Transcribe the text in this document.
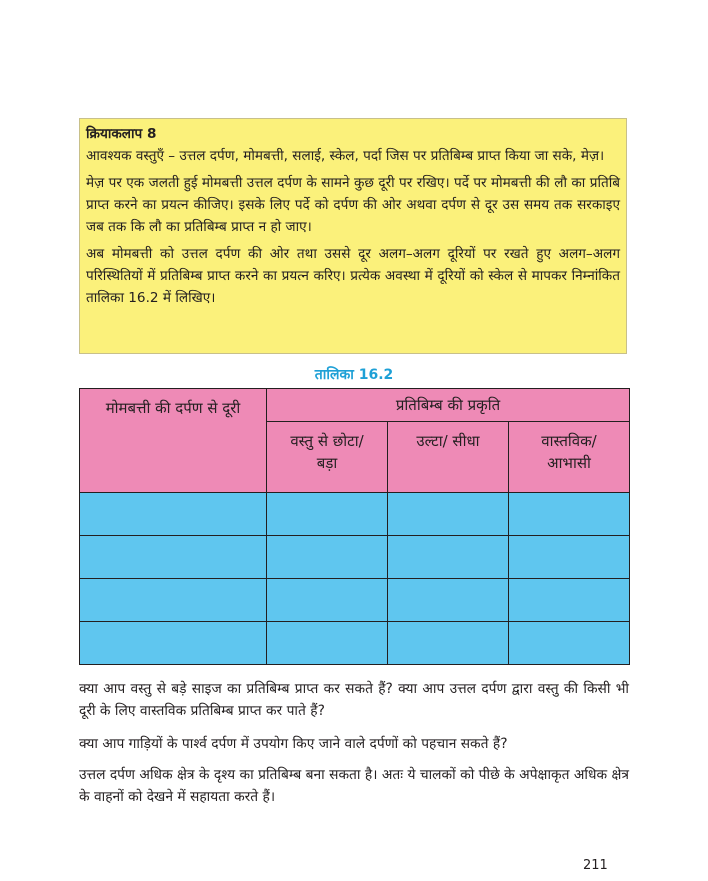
क्रियाकलाप 8

आवश्यक वस्तुएँ – उत्तल दर्पण, मोमबत्ती, सलाई, स्केल, पर्दा जिस पर प्रतिबिम्ब प्राप्त किया जा सके, मेज़।

मेज़ पर एक जलती हुई मोमबत्ती उत्तल दर्पण के सामने कुछ दूरी पर रखिए। पर्दे पर मोमबत्ती की लौ का प्रतिबि प्राप्त करने का प्रयत्न कीजिए। इसके लिए पर्दे को दर्पण की ओर अथवा दर्पण से दूर उस समय तक सरकाइए जब तक कि लौ का प्रतिबिम्ब प्राप्त न हो जाए।

अब मोमबत्ती को उत्तल दर्पण की ओर तथा उससे दूर अलग–अलग दूरियों पर रखते हुए अलग–अलग परिस्थितियों में प्रतिबिम्ब प्राप्त करने का प्रयत्न करिए। प्रत्येक अवस्था में दूरियों को स्केल से मापकर निम्नांकित तालिका 16.2 में लिखिए।

तालिका 16.2
मोमबत्ती की दर्पण से दूरी	प्रतिबिम्ब की प्रकृति		
	वस्तु से छोटा/बड़ा	उल्टा/ सीधा	वास्तविक/ आभासी

क्या आप वस्तु से बड़े साइज का प्रतिबिम्ब प्राप्त कर सकते हैं? क्या आप उत्तल दर्पण द्वारा वस्तु की किसी भी दूरी के लिए वास्तविक प्रतिबिम्ब प्राप्त कर पाते हैं?
क्या आप गाड़ियों के पार्श्व दर्पण में उपयोग किए जाने वाले दर्पणों को पहचान सकते हैं?
उत्तल दर्पण अधिक क्षेत्र के दृश्य का प्रतिबिम्ब बना सकता है। अतः ये चालकों को पीछे के अपेक्षाकृत अधिक क्षेत्र के वाहनों को देखने में सहायता करते हैं।
211
